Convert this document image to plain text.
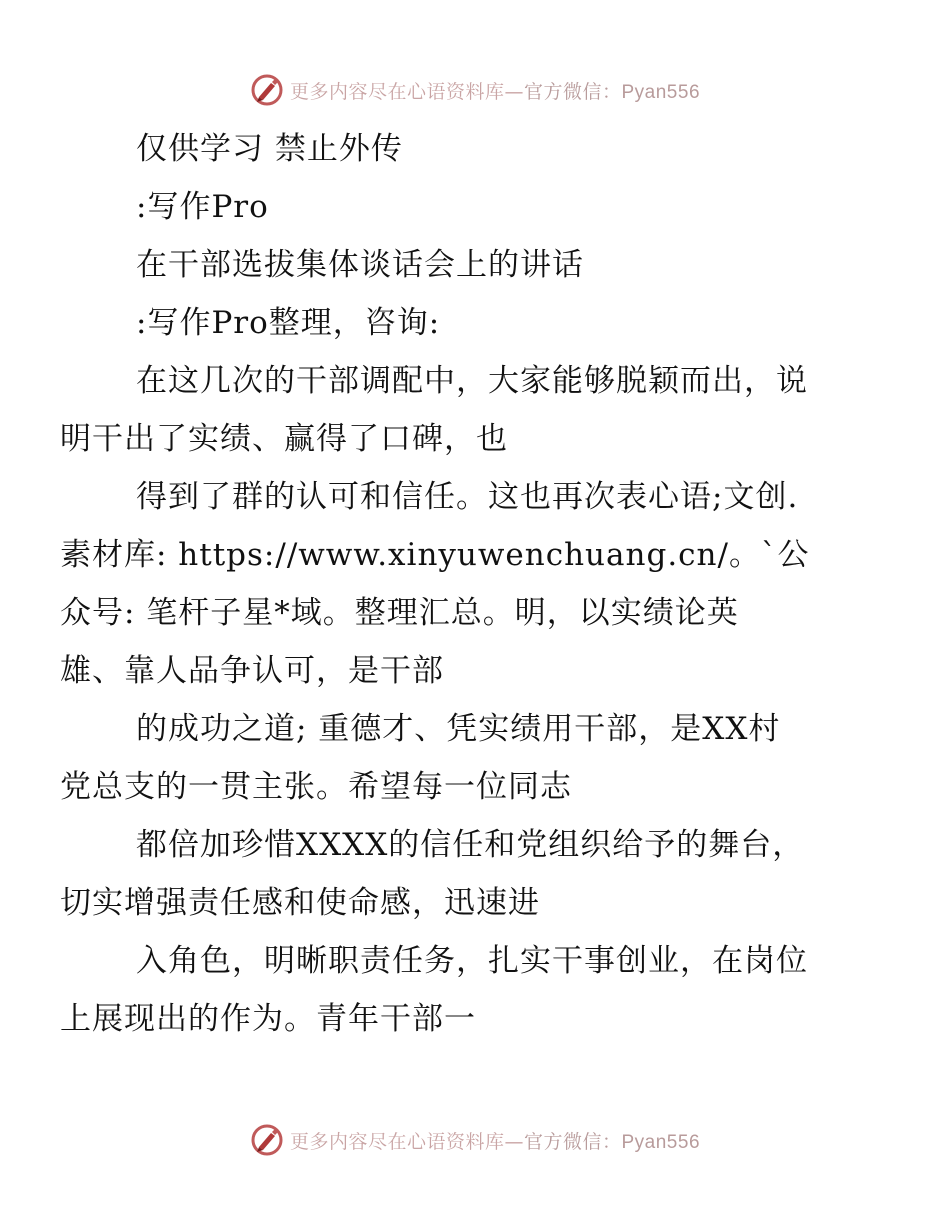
更多内容尽在心语资料库—官方微信：Pyan556

仅供学习 禁止外传

:写作Pro

在干部选拔集体谈话会上的讲话

:写作Pro整理，咨询:

在这几次的干部调配中，大家能够脱颖而出，说
明干出了实绩、赢得了口碑，也

得到了群的认可和信任。这也再次表心语;文创.
素材库: https://www.xinyuwenchuang.cn/。`公
众号: 笔杆子星*域。整理汇总。明，以实绩论英
雄、靠人品争认可，是干部

的成功之道; 重德才、凭实绩用干部，是XX村
党总支的一贯主张。希望每一位同志

都倍加珍惜XXXX的信任和党组织给予的舞台，
切实增强责任感和使命感，迅速进

入角色，明晰职责任务，扎实干事创业，在岗位
上展现出的作为。青年干部一

更多内容尽在心语资料库—官方微信：Pyan556
